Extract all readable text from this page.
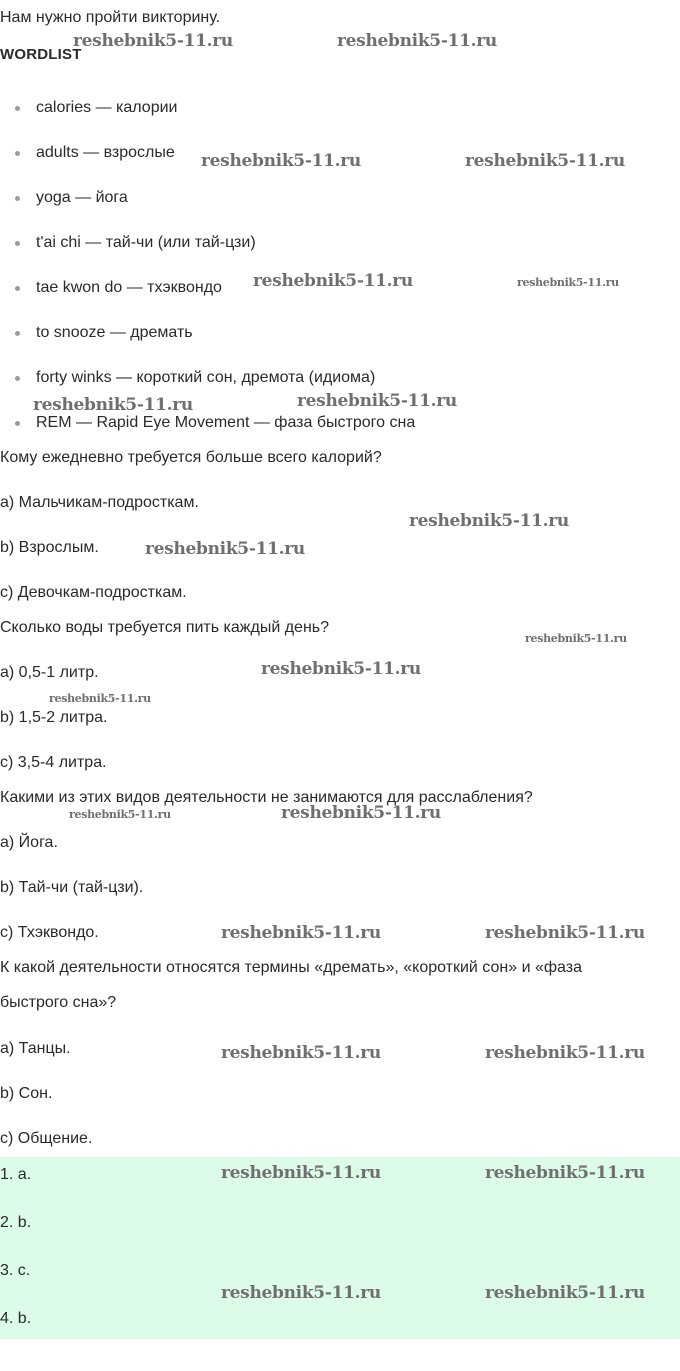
Нам нужно пройти викторину.
WORDLIST
calories — калории
adults — взрослые
yoga — йога
t'ai chi — тай-чи (или тай-цзи)
tae kwon do — тхэквондо
to snooze — дремать
forty winks — короткий сон, дремота (идиома)
REM — Rapid Eye Movement — фаза быстрого сна
Кому ежедневно требуется больше всего калорий?
a) Мальчикам-подросткам.
b) Взрослым.
c) Девочкам-подросткам.
Сколько воды требуется пить каждый день?
a) 0,5-1 литр.
b) 1,5-2 литра.
c) 3,5-4 литра.
Какими из этих видов деятельности не занимаются для расслабления?
a) Йога.
b) Тай-чи (тай-цзи).
c) Тхэквондо.
К какой деятельности относятся термины «дремать», «короткий сон» и «фаза
быстрого сна»?
a) Танцы.
b) Сон.
c) Общение.
1. a.
2. b.
3. c.
4. b.
reshebnik5-11.ru	reshebnik5-11.ru
reshebnik5-11.ru	reshebnik5-11.ru
reshebnik5-11.ru	reshebnik5-11.ru
reshebnik5-11.ru	reshebnik5-11.ru
reshebnik5-11.ru
reshebnik5-11.ru
reshebnik5-11.ru
reshebnik5-11.ru
reshebnik5-11.ru
reshebnik5-11.ru	reshebnik5-11.ru
reshebnik5-11.ru	reshebnik5-11.ru
reshebnik5-11.ru	reshebnik5-11.ru
reshebnik5-11.ru	reshebnik5-11.ru
reshebnik5-11.ru	reshebnik5-11.ru
